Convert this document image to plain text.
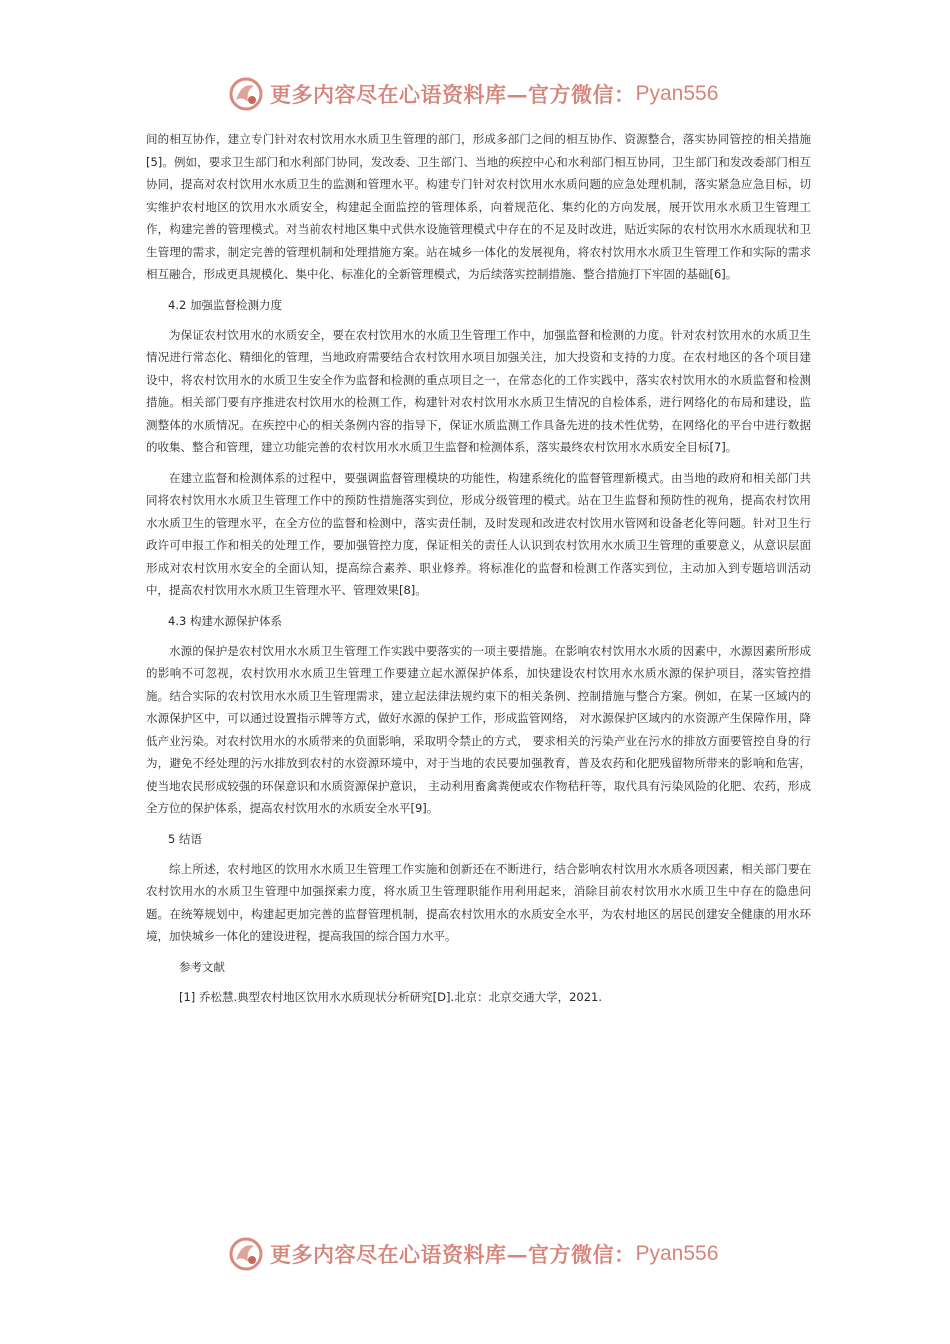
更多内容尽在心语资料库—官方微信： Pyan556

间的相互协作，建立专门针对农村饮用水水质卫生管理的部门，形成多部门之间的相互协作、资源整合，落实协同管控的相关措施[5]。例如，要求卫生部门和水利部门协同，发改委、卫生部门、当地的疾控中心和水利部门相互协同，卫生部门和发改委部门相互协同，提高对农村饮用水水质卫生的监测和管理水平。构建专门针对农村饮用水水质问题的应急处理机制，落实紧急应急目标，切实维护农村地区的饮用水水质安全，构建起全面监控的管理体系，向着规范化、集约化的方向发展，展开饮用水水质卫生管理工作，构建完善的管理模式。对当前农村地区集中式供水设施管理模式中存在的不足及时改进，贴近实际的农村饮用水水质现状和卫生管理的需求，制定完善的管理机制和处理措施方案。站在城乡一体化的发展视角，将农村饮用水水质卫生管理工作和实际的需求相互融合，形成更具规模化、集中化、标准化的全新管理模式，为后续落实控制措施、整合措施打下牢固的基础[6]。

4.2 加强监督检测力度

为保证农村饮用水的水质安全，要在农村饮用水的水质卫生管理工作中，加强监督和检测的力度。针对农村饮用水的水质卫生情况进行常态化、精细化的管理，当地政府需要结合农村饮用水项目加强关注，加大投资和支持的力度。在农村地区的各个项目建设中，将农村饮用水的水质卫生安全作为监督和检测的重点项目之一，在常态化的工作实践中，落实农村饮用水的水质监督和检测措施。相关部门要有序推进农村饮用水的检测工作，构建针对农村饮用水水质卫生情况的自检体系，进行网络化的布局和建设，监测整体的水质情况。在疾控中心的相关条例内容的指导下，保证水质监测工作具备先进的技术性优势，在网络化的平台中进行数据的收集、整合和管理，建立功能完善的农村饮用水水质卫生监督和检测体系，落实最终农村饮用水水质安全目标[7]。

在建立监督和检测体系的过程中，要强调监督管理模块的功能性，构建系统化的监督管理新模式。由当地的政府和相关部门共同将农村饮用水水质卫生管理工作中的预防性措施落实到位，形成分级管理的模式。站在卫生监督和预防性的视角，提高农村饮用水水质卫生的管理水平，在全方位的监督和检测中，落实责任制，及时发现和改进农村饮用水管网和设备老化等问题。针对卫生行政许可申报工作和相关的处理工作，要加强管控力度，保证相关的责任人认识到农村饮用水水质卫生管理的重要意义，从意识层面形成对农村饮用水安全的全面认知，提高综合素养、职业修养。将标准化的监督和检测工作落实到位，主动加入到专题培训活动中，提高农村饮用水水质卫生管理水平、管理效果[8]。

4.3 构建水源保护体系

水源的保护是农村饮用水水质卫生管理工作实践中要落实的一项主要措施。在影响农村饮用水水质的因素中，水源因素所形成的影响不可忽视，农村饮用水水质卫生管理工作要建立起水源保护体系，加快建设农村饮用水水质水源的保护项目，落实管控措施。结合实际的农村饮用水水质卫生管理需求，建立起法律法规约束下的相关条例、控制措施与整合方案。例如，在某一区域内的水源保护区中，可以通过设置指示牌等方式，做好水源的保护工作，形成监管网络， 对水源保护区域内的水资源产生保障作用，降低产业污染。对农村饮用水的水质带来的负面影响，采取明令禁止的方式， 要求相关的污染产业在污水的排放方面要管控自身的行为，避免不经处理的污水排放到农村的水资源环境中，对于当地的农民要加强教育，普及农药和化肥残留物所带来的影响和危害，使当地农民形成较强的环保意识和水质资源保护意识， 主动利用畜禽粪便或农作物秸秆等，取代具有污染风险的化肥、农药，形成全方位的保护体系，提高农村饮用水的水质安全水平[9]。

5 结语

综上所述，农村地区的饮用水水质卫生管理工作实施和创新还在不断进行，结合影响农村饮用水水质各项因素，相关部门要在农村饮用水的水质卫生管理中加强探索力度，将水质卫生管理职能作用利用起来，消除目前农村饮用水水质卫生中存在的隐患问题。在统筹规划中，构建起更加完善的监督管理机制，提高农村饮用水的水质安全水平，为农村地区的居民创建安全健康的用水环境，加快城乡一体化的建设进程，提高我国的综合国力水平。

参考文献
[1] 乔松慧.典型农村地区饮用水水质现状分析研究[D].北京：北京交通大学，2021.
更多内容尽在心语资料库—官方微信： Pyan556
